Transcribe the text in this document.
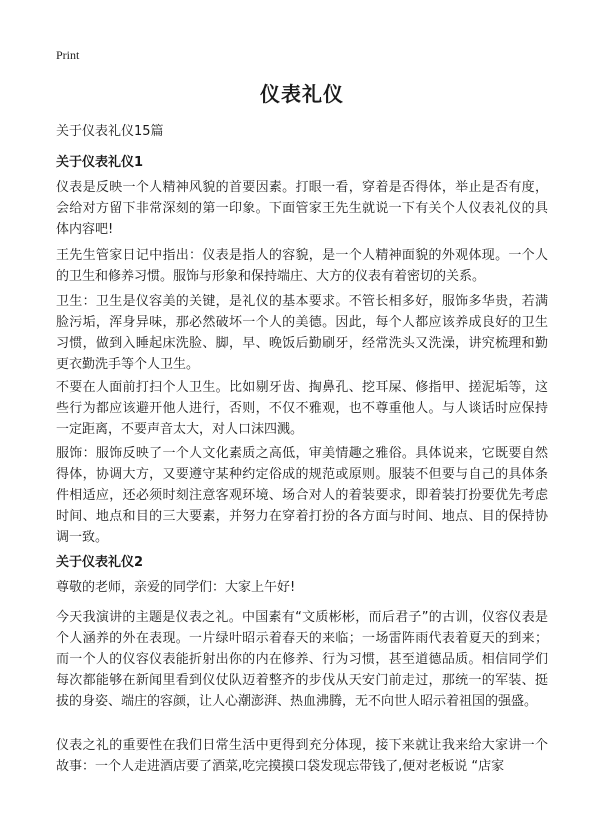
Print
仪表礼仪
关于仪表礼仪15篇
关于仪表礼仪1
仪表是反映一个人精神风貌的首要因素。打眼一看，穿着是否得体，举止是否有度，会给对方留下非常深刻的第一印象。下面管家王先生就说一下有关个人仪表礼仪的具体内容吧!
王先生管家日记中指出：仪表是指人的容貌，是一个人精神面貌的外观体现。一个人的卫生和修养习惯。服饰与形象和保持端庄、大方的仪表有着密切的关系。
卫生：卫生是仪容美的关键，是礼仪的基本要求。不管长相多好，服饰多华贵，若满脸污垢，浑身异味，那必然破坏一个人的美德。因此，每个人都应该养成良好的卫生习惯，做到入睡起床洗脸、脚，早、晚饭后勤刷牙，经常洗头又洗澡，讲究梳理和勤更衣勤洗手等个人卫生。
不要在人面前打扫个人卫生。比如剔牙齿、掏鼻孔、挖耳屎、修指甲、搓泥垢等，这些行为都应该避开他人进行，否则，不仅不雅观，也不尊重他人。与人谈话时应保持一定距离，不要声音太大，对人口沫四溅。
服饰：服饰反映了一个人文化素质之高低，审美情趣之雅俗。具体说来，它既要自然得体，协调大方，又要遵守某种约定俗成的规范或原则。服装不但要与自己的具体条件相适应，还必须时刻注意客观环境、场合对人的着装要求，即着装打扮要优先考虑时间、地点和目的三大要素，并努力在穿着打扮的各方面与时间、地点、目的保持协调一致。
关于仪表礼仪2
尊敬的老师，亲爱的同学们：大家上午好!
今天我演讲的主题是仪表之礼。中国素有“文质彬彬，而后君子”的古训，仪容仪表是个人涵养的外在表现。一片绿叶昭示着春天的来临；一场雷阵雨代表着夏天的到来；而一个人的仪容仪表能折射出你的内在修养、行为习惯，甚至道德品质。相信同学们每次都能够在新闻里看到仪仗队迈着整齐的步伐从天安门前走过，那统一的军装、挺拔的身姿、端庄的容颜，让人心潮澎湃、热血沸腾，无不向世人昭示着祖国的强盛。
仪表之礼的重要性在我们日常生活中更得到充分体现，接下来就让我来给大家讲一个故事：一个人走进酒店要了酒菜,吃完摸摸口袋发现忘带钱了,便对老板说 “店家
